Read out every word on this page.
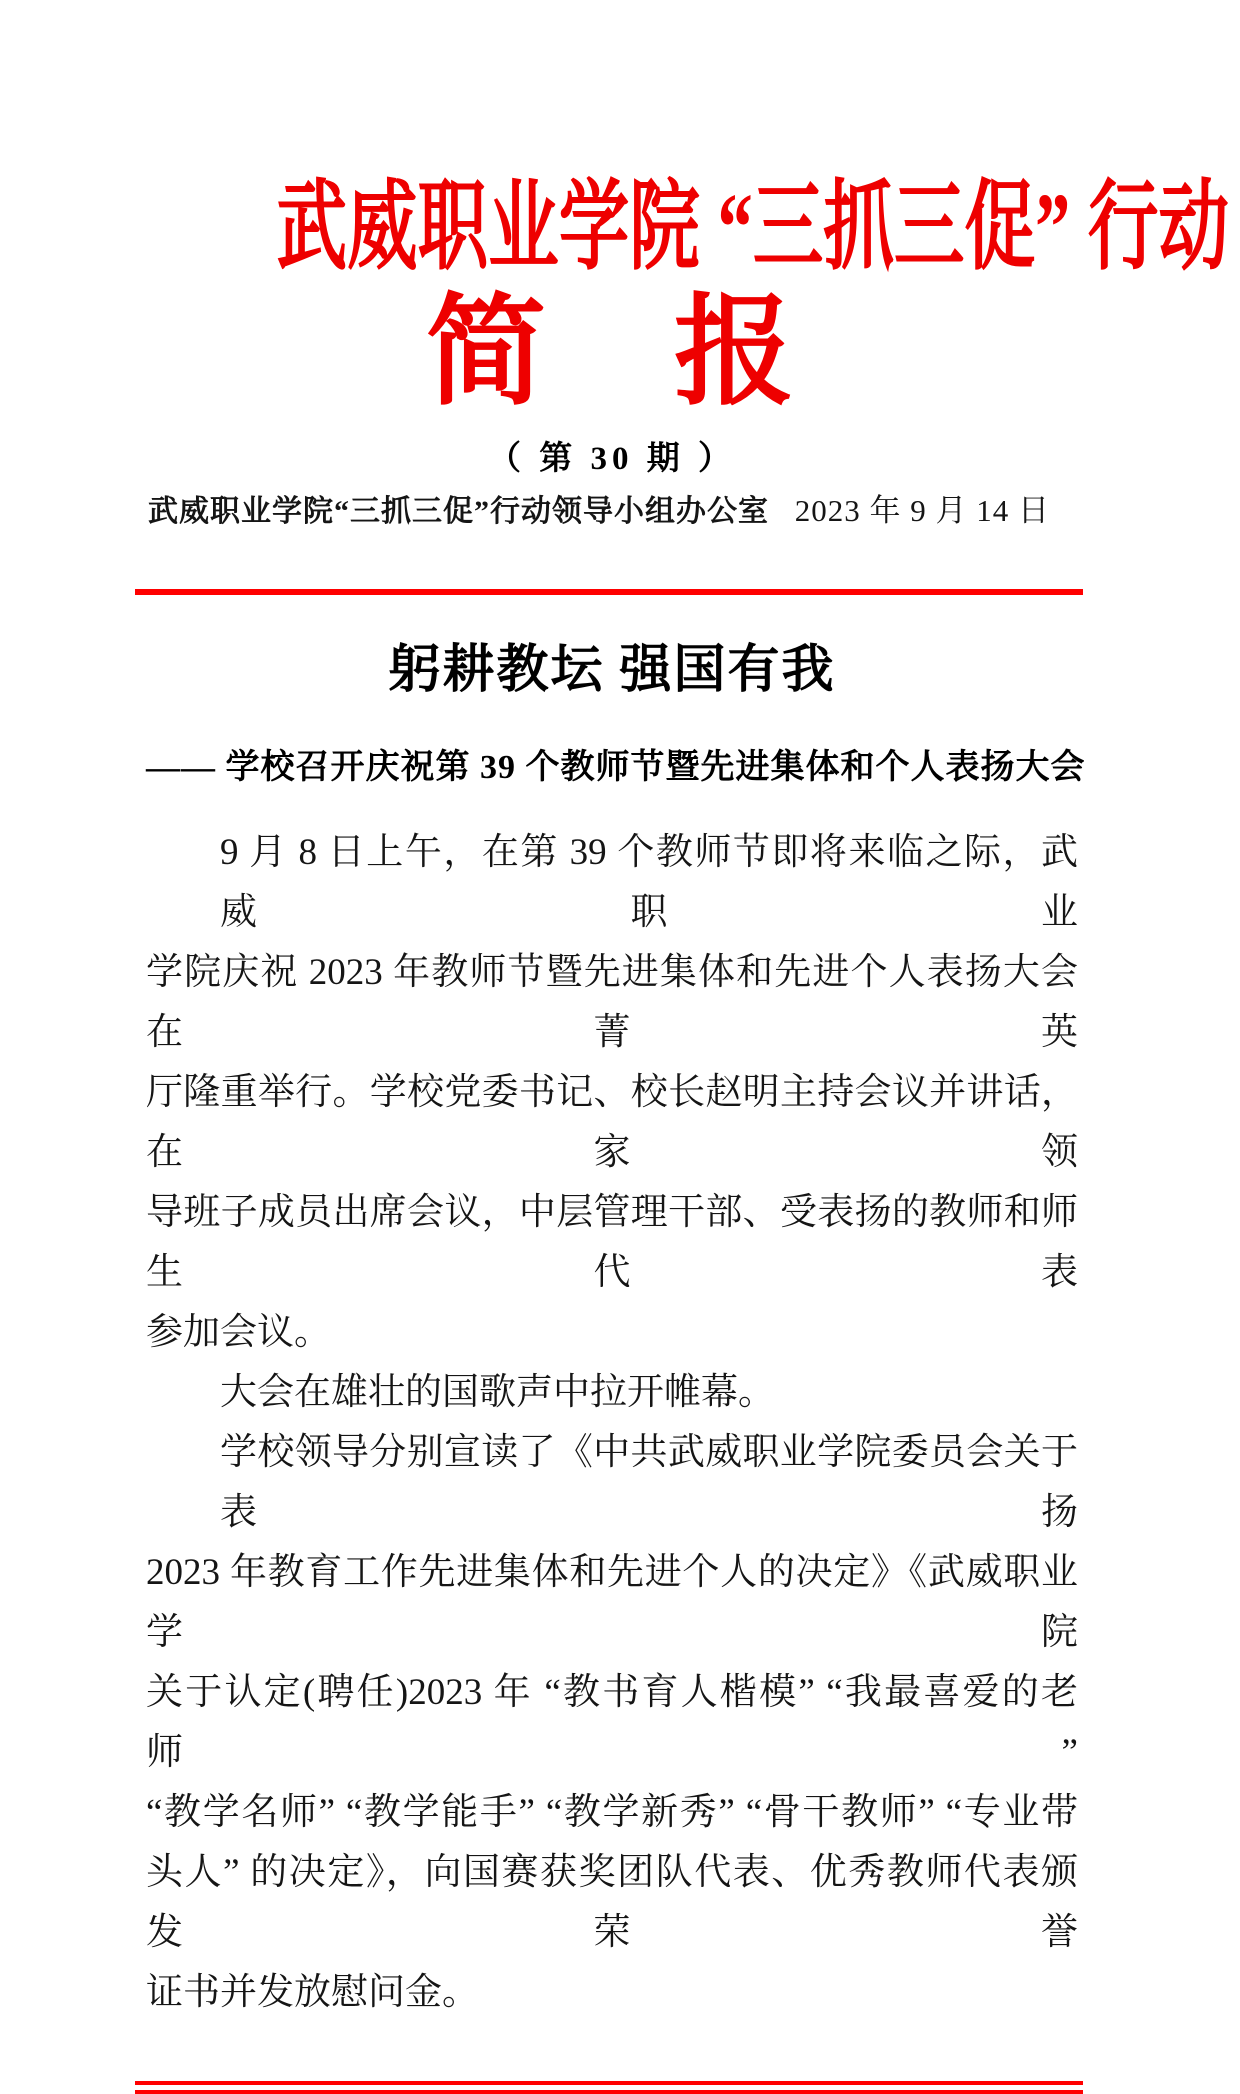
武威职业学院 “三抓三促” 行动
简　报
（ 第 30 期 ）
武威职业学院“三抓三促”行动领导小组办公室 2023 年 9 月 14 日
躬耕教坛 强国有我
—— 学校召开庆祝第 39 个教师节暨先进集体和个人表扬大会
9 月 8 日上午，在第 39 个教师节即将来临之际，武威职业
学院庆祝 2023 年教师节暨先进集体和先进个人表扬大会在菁英
厅隆重举行。学校党委书记、校长赵明主持会议并讲话，在家领
导班子成员出席会议，中层管理干部、受表扬的教师和师生代表
参加会议。
大会在雄壮的国歌声中拉开帷幕。
学校领导分别宣读了《中共武威职业学院委员会关于表扬
2023 年教育工作先进集体和先进个人的决定》《武威职业学院
关于认定(聘任)2023 年 “教书育人楷模” “我最喜爱的老师”
“教学名师” “教学能手” “教学新秀” “骨干教师” “专业带
头人” 的决定》，向国赛获奖团队代表、优秀教师代表颁发荣誉
证书并发放慰问金。
